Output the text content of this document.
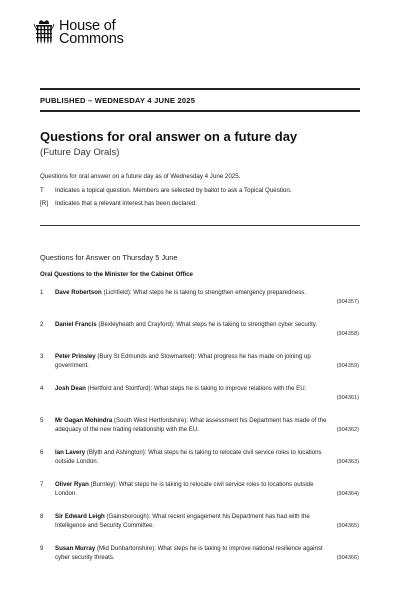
House of
Commons
PUBLISHED – WEDNESDAY 4 JUNE 2025
Questions for oral answer on a future day
(Future Day Orals)
Questions for oral answer on a future day as of Wednesday 4 June 2025.
T	Indicates a topical question. Members are selected by ballot to ask a Topical Question.
[R]	Indicates that a relevant interest has been declared.
Questions for Answer on Thursday 5 June
Oral Questions to the Minister for the Cabinet Office
1 Dave Robertson (Lichfield): What steps he is taking to strengthen emergency preparedness.
(904357)
2 Daniel Francis (Bexleyheath and Crayford): What steps he is taking to strengthen cyber security.
(904358)
3 Peter Prinsley (Bury St Edmunds and Stowmarket): What progress he has made on joining up government.	(904359)
4 Josh Dean (Hertford and Stortford): What steps he is taking to improve relations with the EU.
(904361)
5 Mr Gagan Mohindra (South West Hertfordshire): What assessment his Department has made of the adequacy of the new trading relationship with the EU.	(904362)
6 Ian Lavery (Blyth and Ashington): What steps he is taking to relocate civil service roles to locations outside London.	(904363)
7 Oliver Ryan (Burnley): What steps he is taking to relocate civil service roles to locations outside London.	(904364)
8 Sir Edward Leigh (Gainsborough): What recent engagement his Department has had with the Intelligence and Security Committee.	(904365)
9 Susan Murray (Mid Dunbartonshire): What steps he is taking to improve national resilience against cyber security threats.	(904366)
